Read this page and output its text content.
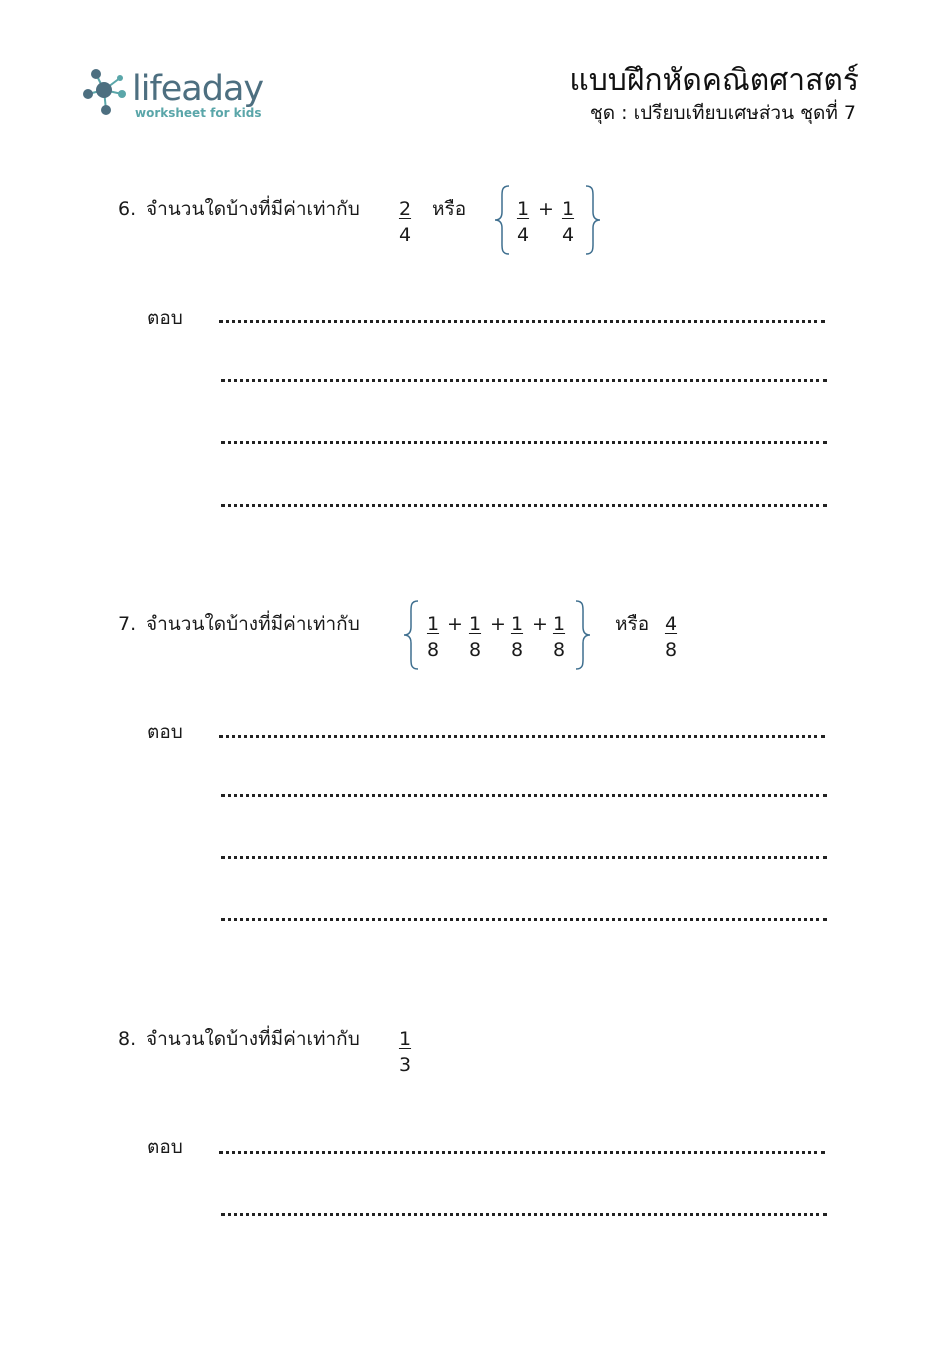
lifeaday
worksheet for kids
แบบฝึกหัดคณิตศาสตร์
ชุด : เปรียบเทียบเศษส่วน ชุดที่ 7
6. จำนวนใดบ้างที่มีค่าเท่ากับ $\frac{2}{4}$ หรือ $\frac{1}{4} + \frac{1}{4}$
ตอบ
7. จำนวนใดบ้างที่มีค่าเท่ากับ	$\frac{1}{8} + \frac{1}{8} + \frac{1}{8} + \frac{1}{8}$ หรือ $\frac{4}{8}$
ตอบ
8. จำนวนใดบ้างที่มีค่าเท่ากับ $\frac{1}{3}$
ตอบ
